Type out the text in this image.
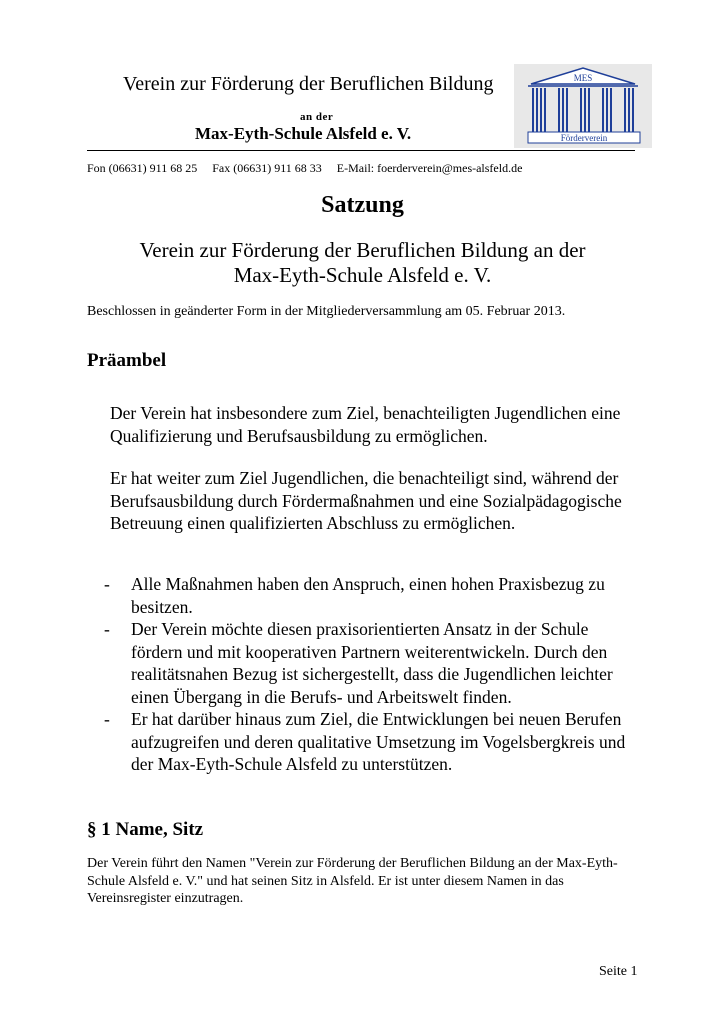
Verein zur Förderung der Beruflichen Bildung
an der
Max-Eyth-Schule Alsfeld e. V.
Fon (06631) 911 68 25 Fax (06631) 911 68 33 E-Mail: foerderverein@mes-alsfeld.de
MES
Förderverein
Satzung
Verein zur Förderung der Beruflichen Bildung an der
Max-Eyth-Schule Alsfeld e. V.
Beschlossen in geänderter Form in der Mitgliederversammlung am 05. Februar 2013.
Präambel

Der Verein hat insbesondere zum Ziel, benachteiligten Jugendlichen eine Qualifizierung und Berufsausbildung zu ermöglichen.

Er hat weiter zum Ziel Jugendlichen, die benachteiligt sind, während der Berufsausbildung durch Fördermaßnahmen und eine Sozialpädagogische Betreuung einen qualifizierten Abschluss zu ermöglichen.

-	Alle Maßnahmen haben den Anspruch, einen hohen Praxisbezug zu besitzen.
-	Der Verein möchte diesen praxisorientierten Ansatz in der Schule fördern und mit kooperativen Partnern weiterentwickeln. Durch den realitätsnahen Bezug ist sichergestellt, dass die Jugendlichen leichter einen Übergang in die Berufs- und Arbeitswelt finden.
-	Er hat darüber hinaus zum Ziel, die Entwicklungen bei neuen Berufen aufzugreifen und deren qualitative Umsetzung im Vogelsbergkreis und der Max-Eyth-Schule Alsfeld zu unterstützen.
§ 1 Name, Sitz

Der Verein führt den Namen "Verein zur Förderung der Beruflichen Bildung an der Max-Eyth-Schule Alsfeld e. V." und hat seinen Sitz in Alsfeld. Er ist unter diesem Namen in das Vereinsregister einzutragen.

Seite 1
